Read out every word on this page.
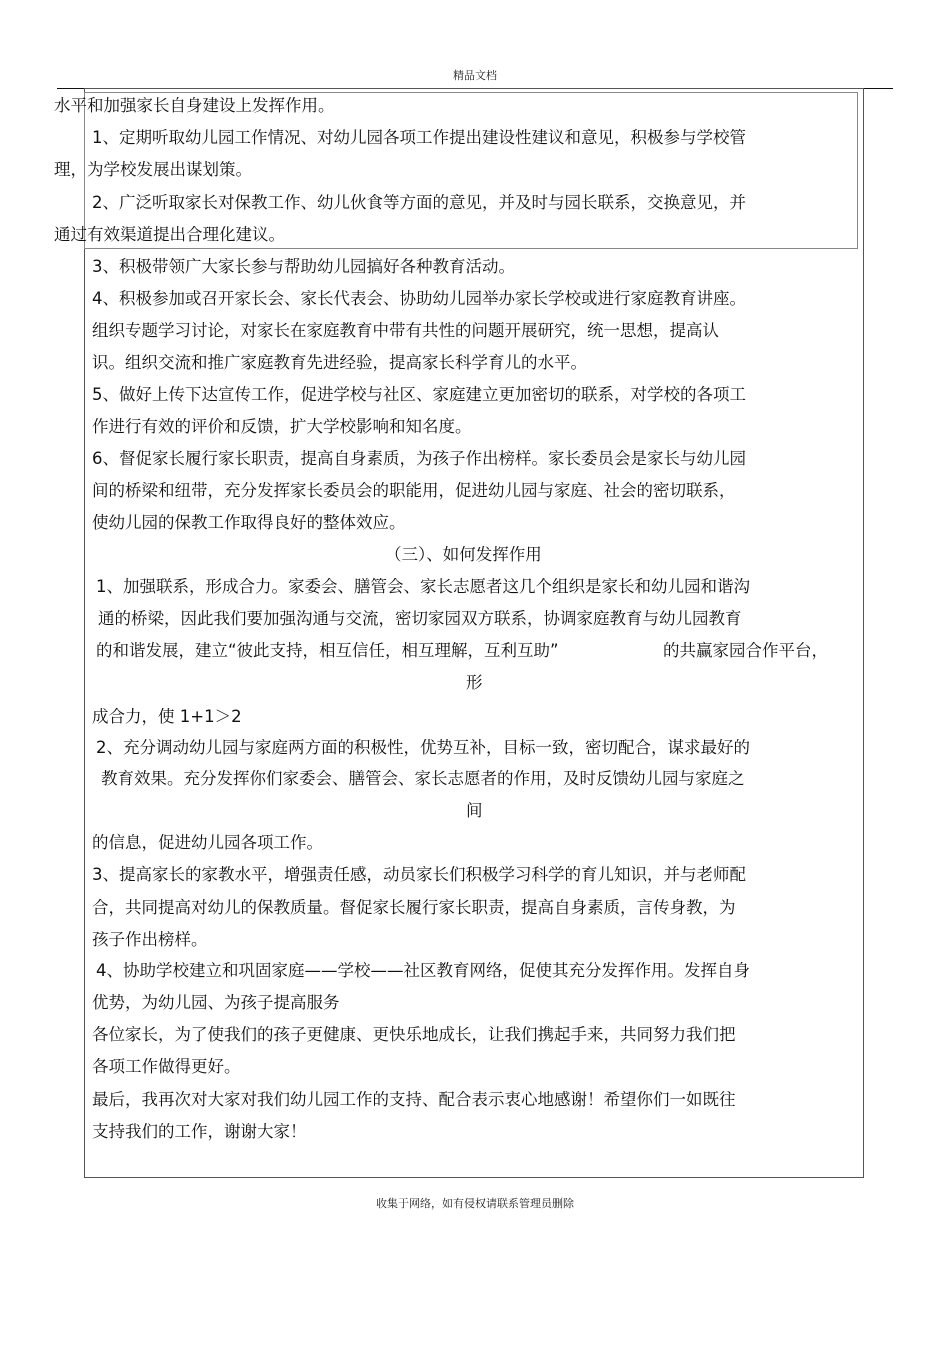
精品文档
水平和加强家长自身建设上发挥作用。
1、定期听取幼儿园工作情况、对幼儿园各项工作提出建设性建议和意见，积极参与学校管
理，为学校发展出谋划策。
2、广泛听取家长对保教工作、幼儿伙食等方面的意见，并及时与园长联系，交换意见，并
通过有效渠道提出合理化建议。
3、积极带领广大家长参与帮助幼儿园搞好各种教育活动。
4、积极参加或召开家长会、家长代表会、协助幼儿园举办家长学校或进行家庭教育讲座。
组织专题学习讨论，对家长在家庭教育中带有共性的问题开展研究，统一思想，提高认
识。组织交流和推广家庭教育先进经验，提高家长科学育儿的水平。
5、做好上传下达宣传工作，促进学校与社区、家庭建立更加密切的联系，对学校的各项工
作进行有效的评价和反馈，扩大学校影响和知名度。
6、督促家长履行家长职责，提高自身素质，为孩子作出榜样。家长委员会是家长与幼儿园
间的桥梁和纽带，充分发挥家长委员会的职能用，促进幼儿园与家庭、社会的密切联系，
使幼儿园的保教工作取得良好的整体效应。
（三）、如何发挥作用
1、加强联系，形成合力。家委会、膳管会、家长志愿者这几个组织是家长和幼儿园和谐沟
通的桥梁，因此我们要加强沟通与交流，密切家园双方联系，协调家庭教育与幼儿园教育
的和谐发展，建立“彼此支持，相互信任，相互理解，互利互助”	的共赢家园合作平台，
形
成合力，使 1+1＞2
2、充分调动幼儿园与家庭两方面的积极性，优势互补，目标一致，密切配合，谋求最好的
教育效果。充分发挥你们家委会、膳管会、家长志愿者的作用，及时反馈幼儿园与家庭之
间
的信息，促进幼儿园各项工作。
3、提高家长的家教水平，增强责任感，动员家长们积极学习科学的育儿知识，并与老师配
合，共同提高对幼儿的保教质量。督促家长履行家长职责，提高自身素质，言传身教，为
孩子作出榜样。
4、协助学校建立和巩固家庭——学校——社区教育网络，促使其充分发挥作用。发挥自身
优势，为幼儿园、为孩子提高服务
各位家长，为了使我们的孩子更健康、更快乐地成长，让我们携起手来，共同努力我们把
各项工作做得更好。
最后，我再次对大家对我们幼儿园工作的支持、配合表示衷心地感谢！希望你们一如既往
支持我们的工作，谢谢大家！
收集于网络，如有侵权请联系管理员删除
